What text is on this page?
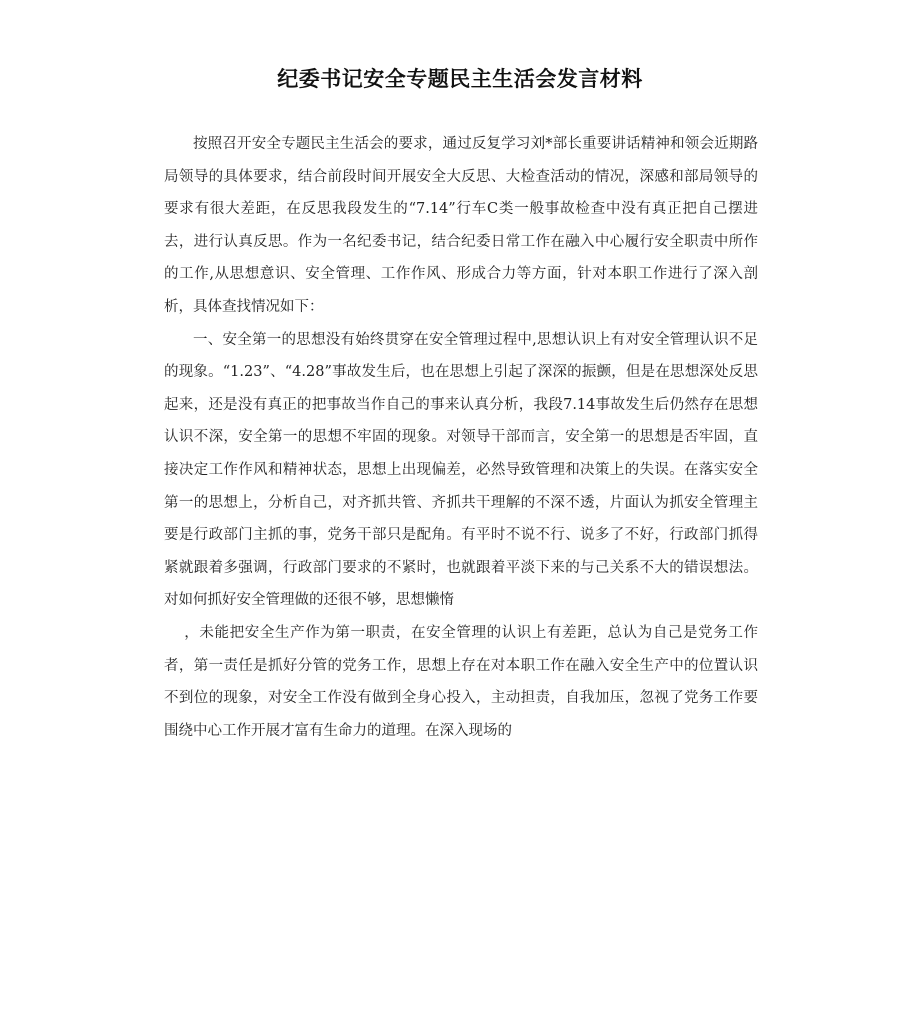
纪委书记安全专题民主生活会发言材料

按照召开安全专题民主生活会的要求，通过反复学习刘*部长重要讲话精神和领会近期路局领导的具体要求，结合前段时间开展安全大反思、大检查活动的情况，深感和部局领导的要求有很大差距，在反思我段发生的“7.14”行车C类一般事故检查中没有真正把自己摆进去，进行认真反思。作为一名纪委书记，结合纪委日常工作在融入中心履行安全职责中所作的工作,从思想意识、安全管理、工作作风、形成合力等方面，针对本职工作进行了深入剖析，具体查找情况如下：

一、安全第一的思想没有始终贯穿在安全管理过程中,思想认识上有对安全管理认识不足的现象。“1.23”、“4.28”事故发生后，也在思想上引起了深深的振颤，但是在思想深处反思起来，还是没有真正的把事故当作自己的事来认真分析，我段7.14事故发生后仍然存在思想认识不深，安全第一的思想不牢固的现象。对领导干部而言，安全第一的思想是否牢固，直接决定工作作风和精神状态，思想上出现偏差，必然导致管理和决策上的失误。在落实安全第一的思想上，分析自己，对齐抓共管、齐抓共干理解的不深不透，片面认为抓安全管理主要是行政部门主抓的事，党务干部只是配角。有平时不说不行、说多了不好，行政部门抓得紧就跟着多强调，行政部门要求的不紧时，也就跟着平淡下来的与己关系不大的错误想法。对如何抓好安全管理做的还很不够，思想懒惰

，未能把安全生产作为第一职责，在安全管理的认识上有差距，总认为自己是党务工作者，第一责任是抓好分管的党务工作，思想上存在对本职工作在融入安全生产中的位置认识不到位的现象，对安全工作没有做到全身心投入，主动担责，自我加压，忽视了党务工作要围绕中心工作开展才富有生命力的道理。在深入现场的
